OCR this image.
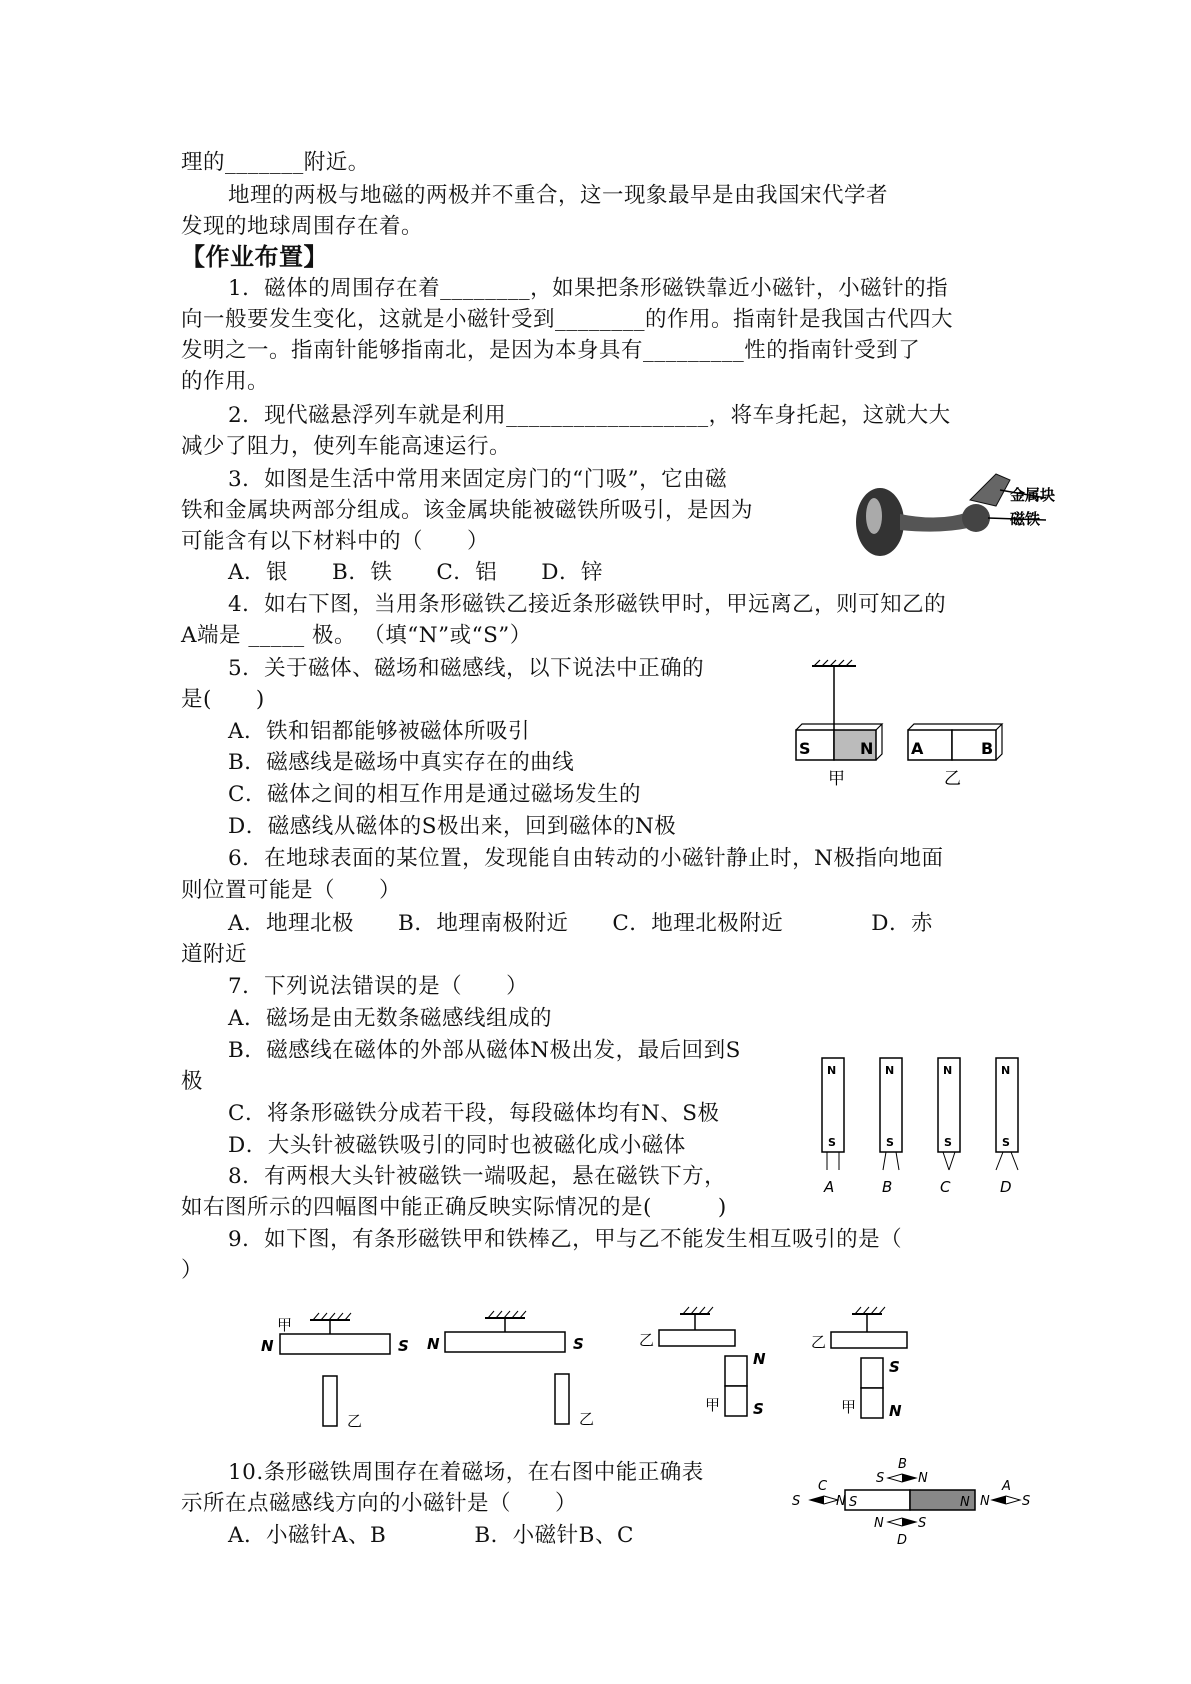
理的_______附近。
地理的两极与地磁的两极并不重合，这一现象最早是由我国宋代学者
发现的地球周围存在着。
【作业布置】
1．磁体的周围存在着________，如果把条形磁铁靠近小磁针，小磁针的指
向一般要发生变化，这就是小磁针受到________的作用。指南针是我国古代四大
发明之一。指南针能够指南北，是因为本身具有_________性的指南针受到了
的作用。
2．现代磁悬浮列车就是利用__________________，将车身托起，这就大大
减少了阻力，使列车能高速运行。
3．如图是生活中常用来固定房门的“门吸”，它由磁
铁和金属块两部分组成。该金属块能被磁铁所吸引，是因为
可能含有以下材料中的（　　）
A．银　　B．铁　　C．铝　　D．锌
4．如右下图，当用条形磁铁乙接近条形磁铁甲时，甲远离乙，则可知乙的
A端是 _____ 极。 （填“N”或“S”）
5．关于磁体、磁场和磁感线，以下说法中正确的
是(　　)
A．铁和铝都能够被磁体所吸引
B．磁感线是磁场中真实存在的曲线
C．磁体之间的相互作用是通过磁场发生的
D．磁感线从磁体的S极出来，回到磁体的N极
6．在地球表面的某位置，发现能自由转动的小磁针静止时，N极指向地面
则位置可能是（　　）
A．地理北极　　B．地理南极附近　　C．地理北极附近　　　　D．赤
道附近
7．下列说法错误的是（　　）
A．磁场是由无数条磁感线组成的
B．磁感线在磁体的外部从磁体N极出发，最后回到S
极
C．将条形磁铁分成若干段，每段磁体均有N、S极
D．大头针被磁铁吸引的同时也被磁化成小磁体
8．有两根大头针被磁铁一端吸起，悬在磁铁下方，
如右图所示的四幅图中能正确反映实际情况的是(　　　)
9．如下图，有条形磁铁甲和铁棒乙，甲与乙不能发生相互吸引的是（
）
10.条形磁铁周围存在着磁场，在右图中能正确表
示所在点磁感线方向的小磁针是（　　）
A．小磁针A、B　　　　B．小磁针B、C
金属块
磁铁
S	N A	B
甲	乙
N
S
A
N
S
B
N
S
C
N
S
D
甲
N	S
乙
N	S
乙
乙
N
甲 S
乙
S
甲 N
S	N
S	N
B
S	N
C
N S
A
N	S
D
